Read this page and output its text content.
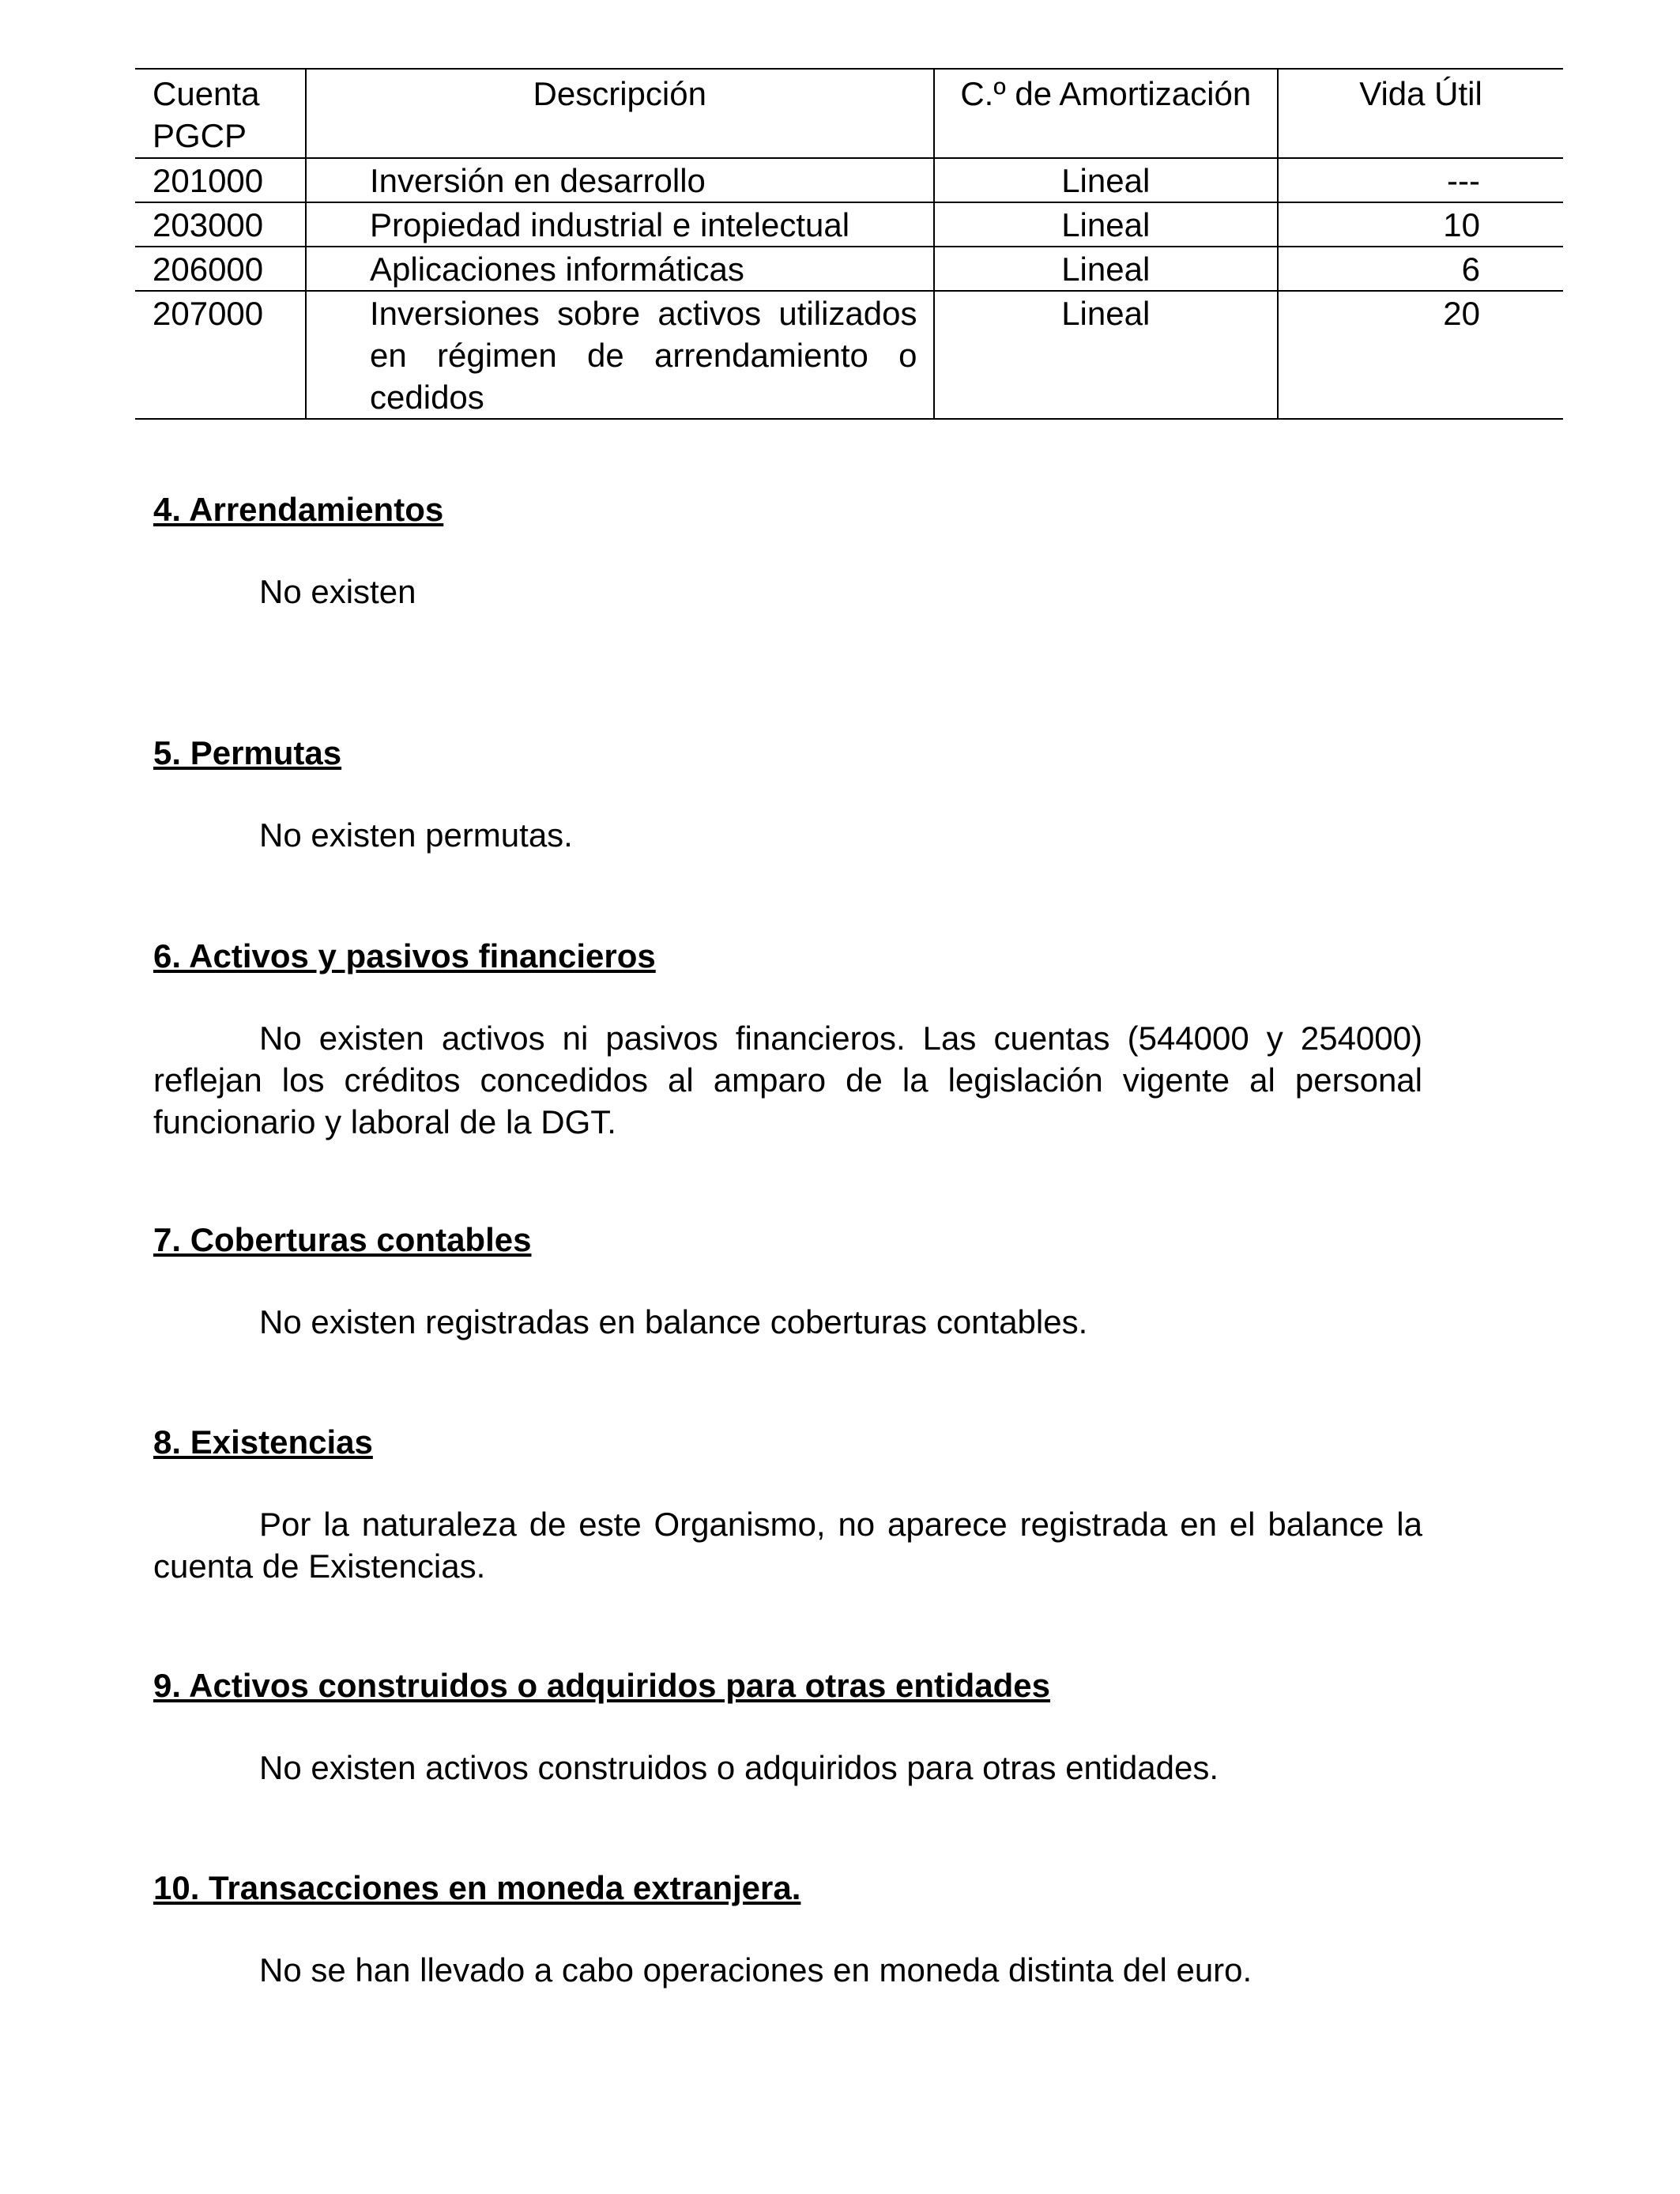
Cuenta PGCP	Descripción	C.º de Amortización	Vida Útil
201000	Inversión en desarrollo	Lineal	---
203000	Propiedad industrial e intelectual	Lineal	10
206000	Aplicaciones informáticas	Lineal	6
207000	Inversiones sobre activos utilizados en régimen de arrendamiento o cedidos	Lineal	20

4. Arrendamientos

No existen

5. Permutas

No existen permutas.

6. Activos y pasivos financieros

No existen activos ni pasivos financieros. Las cuentas (544000 y 254000) reflejan los créditos concedidos al amparo de la legislación vigente al personal funcionario y laboral de la DGT.

7. Coberturas contables

No existen registradas en balance coberturas contables.

8. Existencias

Por la naturaleza de este Organismo, no aparece registrada en el balance la cuenta de Existencias.

9. Activos construidos o adquiridos para otras entidades

No existen activos construidos o adquiridos para otras entidades.

10. Transacciones en moneda extranjera.

No se han llevado a cabo operaciones en moneda distinta del euro.
